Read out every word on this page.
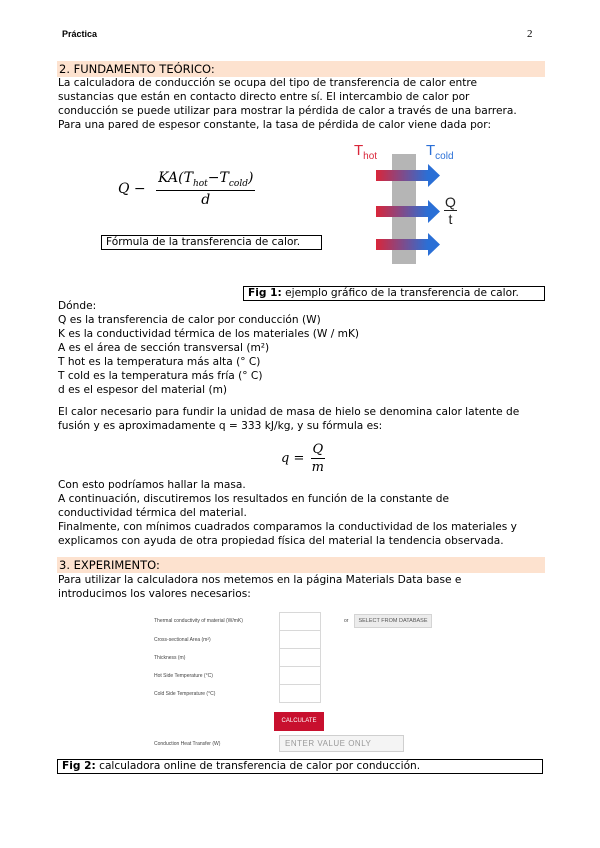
Práctica	2
2. FUNDAMENTO TEÓRICO:
La calculadora de conducción se ocupa del tipo de transferencia de calor entre
sustancias que están en contacto directo entre sí. El intercambio de calor por
conducción se puede utilizar para mostrar la pérdida de calor a través de una barrera.
Para una pared de espesor constante, la tasa de pérdida de calor viene dada por:
$Q - \frac{KA(T_{hot}-T_{cold})}{d}$
Fórmula de la transferencia de calor.
$T_{hot}$	$T_{cold}$
Q
t
Fig 1: ejemplo gráfico de la transferencia de calor.
Dónde:
Q es la transferencia de calor por conducción (W)
K es la conductividad térmica de los materiales (W / mK)
A es el área de sección transversal (m²)
T hot es la temperatura más alta (° C)
T cold es la temperatura más fría (° C)
d es el espesor del material (m)
El calor necesario para fundir la unidad de masa de hielo se denomina calor latente de
fusión y es aproximadamente q = 333 kJ/kg, y su fórmula es:
$q = \frac{Q}{m}$
Con esto podríamos hallar la masa.
A continuación, discutiremos los resultados en función de la constante de
conductividad térmica del material.
Finalmente, con mínimos cuadrados comparamos la conductividad de los materiales y
explicamos con ayuda de otra propiedad física del material la tendencia observada.
3. EXPERIMENTO:
Para utilizar la calculadora nos metemos en la página Materials Data base e
introducimos los valores necesarios:
Thermal conductivity of material (W/mK)	or	SELECT FROM DATABASE
Cross-sectional Area (m²)
Thickness (m)
Hot Side Temperature (°C)
Cold Side Temperature (°C)
CALCULATE
Conduction Heat Transfer (W)	ENTER VALUE ONLY
Fig 2: calculadora online de transferencia de calor por conducción.
